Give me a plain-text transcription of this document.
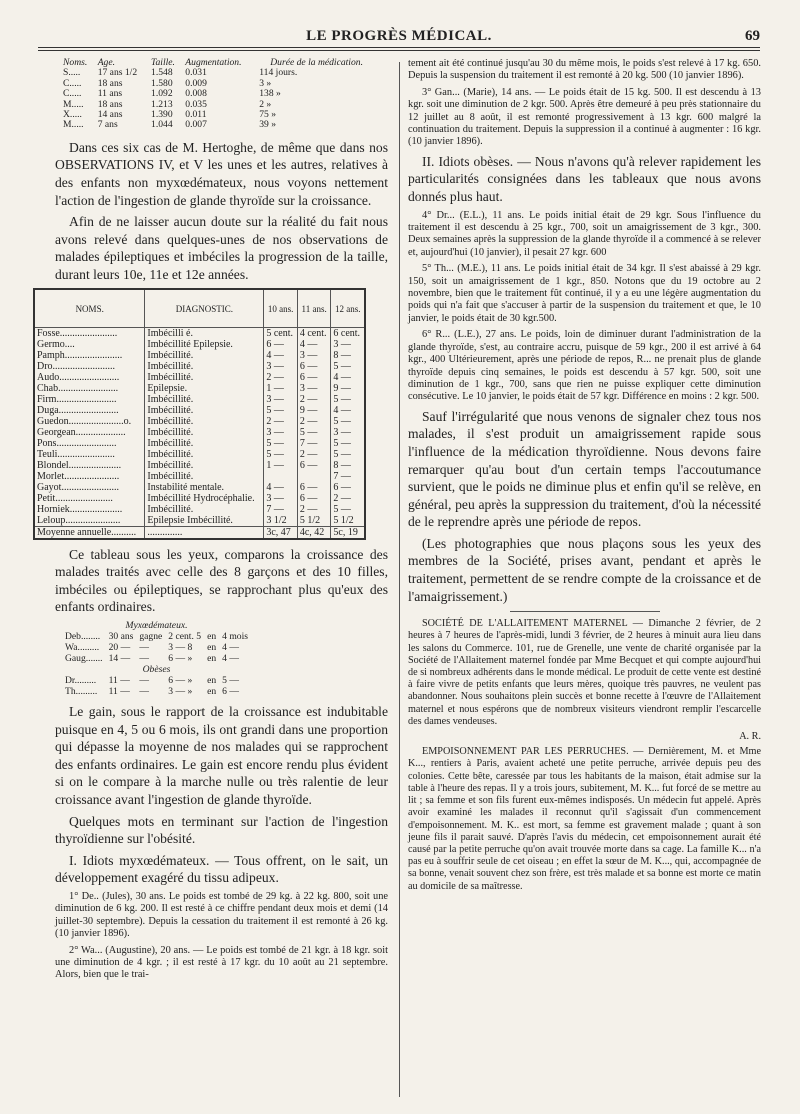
LE PROGRÈS MÉDICAL.	69
Noms.	Age.	Taille.	Augmentation.	Durée de la médication.
S.....	17 ans 1/2	1.548	0.031	114 jours.
C.....	18 ans	1.580	0.009	3 »
C.....	11 ans	1.092	0.008	138 »
M.....	18 ans	1.213	0.035	2 »
X.....	14 ans	1.390	0.011	75 »
M.....	7 ans	1.044	0.007	39 »

Dans ces six cas de M. Hertoghe, de même que dans nos OBSERVATIONS IV, et V les unes et les autres, relatives à des enfants non myxœdémateux, nous voyons nettement l'action de l'ingestion de glande thyroïde sur la croissance.

Afin de ne laisser aucun doute sur la réalité du fait nous avons relevé dans quelques-unes de nos observations de malades épileptiques et imbéciles la progression de la taille, durant leurs 10e, 11e et 12e années.

NOMS.	DIAGNOSTIC.	10 ans.	11 ans.	12 ans.
Fosse.......................	Imbécilli é.	5 cent.	4 cent.	6 cent.
Germo....	Imbécillité Epilepsie.	6 —	4 —	3 —
Pamph.......................	Imbécillité.	4 —	3 —	8 —
Dro.........................	Imbécillité.	3 —	6 —	5 —
Audo........................	Imbécillité.	2 —	6 —	4 —
Chab........................	Epilepsie.	1 —	3 —	9 —
Firm........................	Imbécillité.	3 —	2 —	5 —
Duga........................	Imbécillité.	5 —	9 —	4 —
Guedon......................o.	Imbécillité.	2 —	2 —	5 —
Georgean....................	Imbécillité.	3 —	5 —	3 —
Pons........................	Imbécillité.	5 —	7 —	5 —
Teuli.......................	Imbécillité.	5 —	2 —	5 —
Blondel.....................	Imbécillité.	1 —	6 —	8 —
Morlet......................	Imbécillité.			7 —
Gayot.......................	Instabilité mentale.	4 —	6 —	6 —
Petit.......................	Imbécillité Hydrocéphalie.	3 —	6 —	2 —
Horniek.....................	Imbécillité.	7 —	2 —	5 —
Leloup......................	Epilepsie Imbécillité.	3 1/2	5 1/2	5 1/2
Moyenne annuelle..........	..............	3c, 47	4c, 42	5c, 19

Ce tableau sous les yeux, comparons la croissance des malades traités avec celle des 8 garçons et des 10 filles, imbéciles ou épileptiques, se rapprochant plus qu'eux des enfants ordinaires.

Myxœdémateux.					
Deb........	30 ans	gagne	2 cent. 5	en	4 mois
Wa.........	20 —	—	3 — 8	en	4 —
Gaug.......	14 —	—	6 — »	en	4 —
Obèses					
Dr.........	11 —	—	6 — »	en	5 —
Th.........	11 —	—	3 — »	en	6 —

Le gain, sous le rapport de la croissance est indubitable puisque en 4, 5 ou 6 mois, ils ont grandi dans une proportion qui dépasse la moyenne de nos malades qui se rapprochent des enfants ordinaires. Le gain est encore rendu plus évident si on le compare à la marche nulle ou très ralentie de leur croissance avant l'ingestion de glande thyroïde.

Quelques mots en terminant sur l'action de l'ingestion thyroïdienne sur l'obésité.

I. Idiots myxœdémateux. — Tous offrent, on le sait, un développement exagéré du tissu adipeux.

1° De.. (Jules), 30 ans. Le poids est tombé de 29 kg. à 22 kg. 800, soit une diminution de 6 kg. 200. Il est resté à ce chiffre pendant deux mois et demi (14 juillet-30 septembre). Depuis la cessation du traitement il est remonté à 26 kg. (10 janvier 1896).

2° Wa... (Augustine), 20 ans. — Le poids est tombé de 21 kgr. à 18 kgr. soit une diminution de 4 kgr. ; il est resté à 17 kgr. du 10 août au 21 septembre. Alors, bien que le trai-

tement ait été continué jusqu'au 30 du même mois, le poids s'est relevé à 17 kg. 650. Depuis la suspension du traitement il est remonté à 20 kg. 500 (10 janvier 1896).

3° Gan... (Marie), 14 ans. — Le poids était de 15 kg. 500. Il est descendu à 13 kgr. soit une diminution de 2 kgr. 500. Après être demeuré à peu près stationnaire du 12 juillet au 8 août, il est remonté progressivement à 13 kgr. 600 malgré la continuation du traitement. Depuis la suppression il a continué à augmenter : 16 kgr. (10 janvier 1896).

II. Idiots obèses. — Nous n'avons qu'à relever rapidement les particularités consignées dans les tableaux que nous avons donnés plus haut.

4° Dr... (E.L.), 11 ans. Le poids initial était de 29 kgr. Sous l'influence du traitement il est descendu à 25 kgr., 700, soit un amaigrissement de 3 kgr., 300. Deux semaines après la suppression de la glande thyroïde il a commencé à se relever et, aujourd'hui (10 janvier), il pesait 27 kgr. 600

5° Th... (M.E.), 11 ans. Le poids initial était de 34 kgr. Il s'est abaissé à 29 kgr. 150, soit un amaigrissement de 1 kgr., 850. Notons que du 19 octobre au 2 novembre, bien que le traitement fût continué, il y a eu une légère augmentation du poids qui n'a fait que s'accuser à partir de la suspension du traitement et que, le 10 janvier, le poids était de 30 kgr.500.

6° R... (L.E.), 27 ans. Le poids, loin de diminuer durant l'administration de la glande thyroïde, s'est, au contraire accru, puisque de 59 kgr., 200 il est arrivé à 64 kgr., 400 Ultérieurement, après une période de repos, R... ne prenait plus de glande thyroïde depuis cinq semaines, le poids est descendu à 57 kgr. 500, soit une diminution de 1 kgr., 700, sans que rien ne puisse expliquer cette diminution consécutive. Le 10 janvier, le poids était de 57 kgr. Différence en moins : 2 kgr. 500.

Sauf l'irrégularité que nous venons de signaler chez tous nos malades, il s'est produit un amaigrissement rapide sous l'influence de la médication thyroïdienne. Nous devons faire remarquer qu'au bout d'un certain temps l'accoutumance survient, que le poids ne diminue plus et enfin qu'il se relève, en général, peu après la suppression du traitement, d'où la nécessité de le reprendre après une période de repos.

(Les photographies que nous plaçons sous les yeux des membres de la Société, prises avant, pendant et après le traitement, permettent de se rendre compte de la croissance et de l'amaigrissement.)

SOCIÉTÉ DE L'ALLAITEMENT MATERNEL — Dimanche 2 février, de 2 heures à 7 heures de l'après-midi, lundi 3 février, de 2 heures à minuit aura lieu dans les salons du Commerce. 101, rue de Grenelle, une vente de charité organisée par la Société de l'Allaitement maternel fondée par Mme Becquet et qui compte aujourd'hui de si nombreux adhérents dans le monde médical. Le produit de cette vente est destiné à faire vivre de petits enfants que leurs mères, quoique très pauvres, ne veulent pas abandonner. Nous souhaitons plein succès et bonne recette à l'œuvre de l'Allaitement maternel et nous espérons que de nombreux visiteurs viendront remplir l'escarcelle des dames vendeuses.

A. R.

EMPOISONNEMENT PAR LES PERRUCHES. — Dernièrement, M. et Mme K..., rentiers à Paris, avaient acheté une petite perruche, arrivée depuis peu des colonies. Cette bête, caressée par tous les habitants de la maison, était admise sur la table à l'heure des repas. Il y a trois jours, subitement, M. K... fut forcé de se mettre au lit ; sa femme et son fils furent eux-mêmes indisposés. Un médecin fut appelé. Après avoir examiné les malades il reconnut qu'il s'agissait d'un commencement d'empoisonnement. M. K.. est mort, sa femme est gravement malade ; quant à son jeune fils il parait sauvé. D'après l'avis du médecin, cet empoisonnement aurait été causé par la petite perruche qu'on avait trouvée morte dans sa cage. La famille K... n'a pas eu à souffrir seule de cet oiseau ; en effet la sœur de M. K..., qui, accompagnée de sa bonne, venait souvent chez son frère, est très malade et sa bonne est morte ce matin au domicile de sa maîtresse.
